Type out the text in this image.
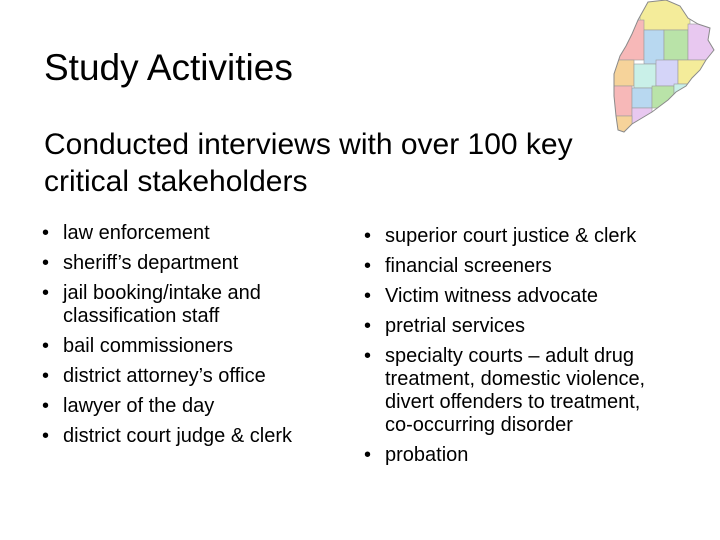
Study Activities

Conducted interviews with over 100 key critical stakeholders

• law enforcement
• sheriff’s department
• jail booking/intake and classification staff
• bail commissioners
• district attorney’s office
• lawyer of the day
• district court judge & clerk
• superior court justice & clerk
• financial screeners
• Victim witness advocate
• pretrial services
• specialty courts – adult drug treatment, domestic violence, divert offenders to treatment, co-occurring disorder
• probation
